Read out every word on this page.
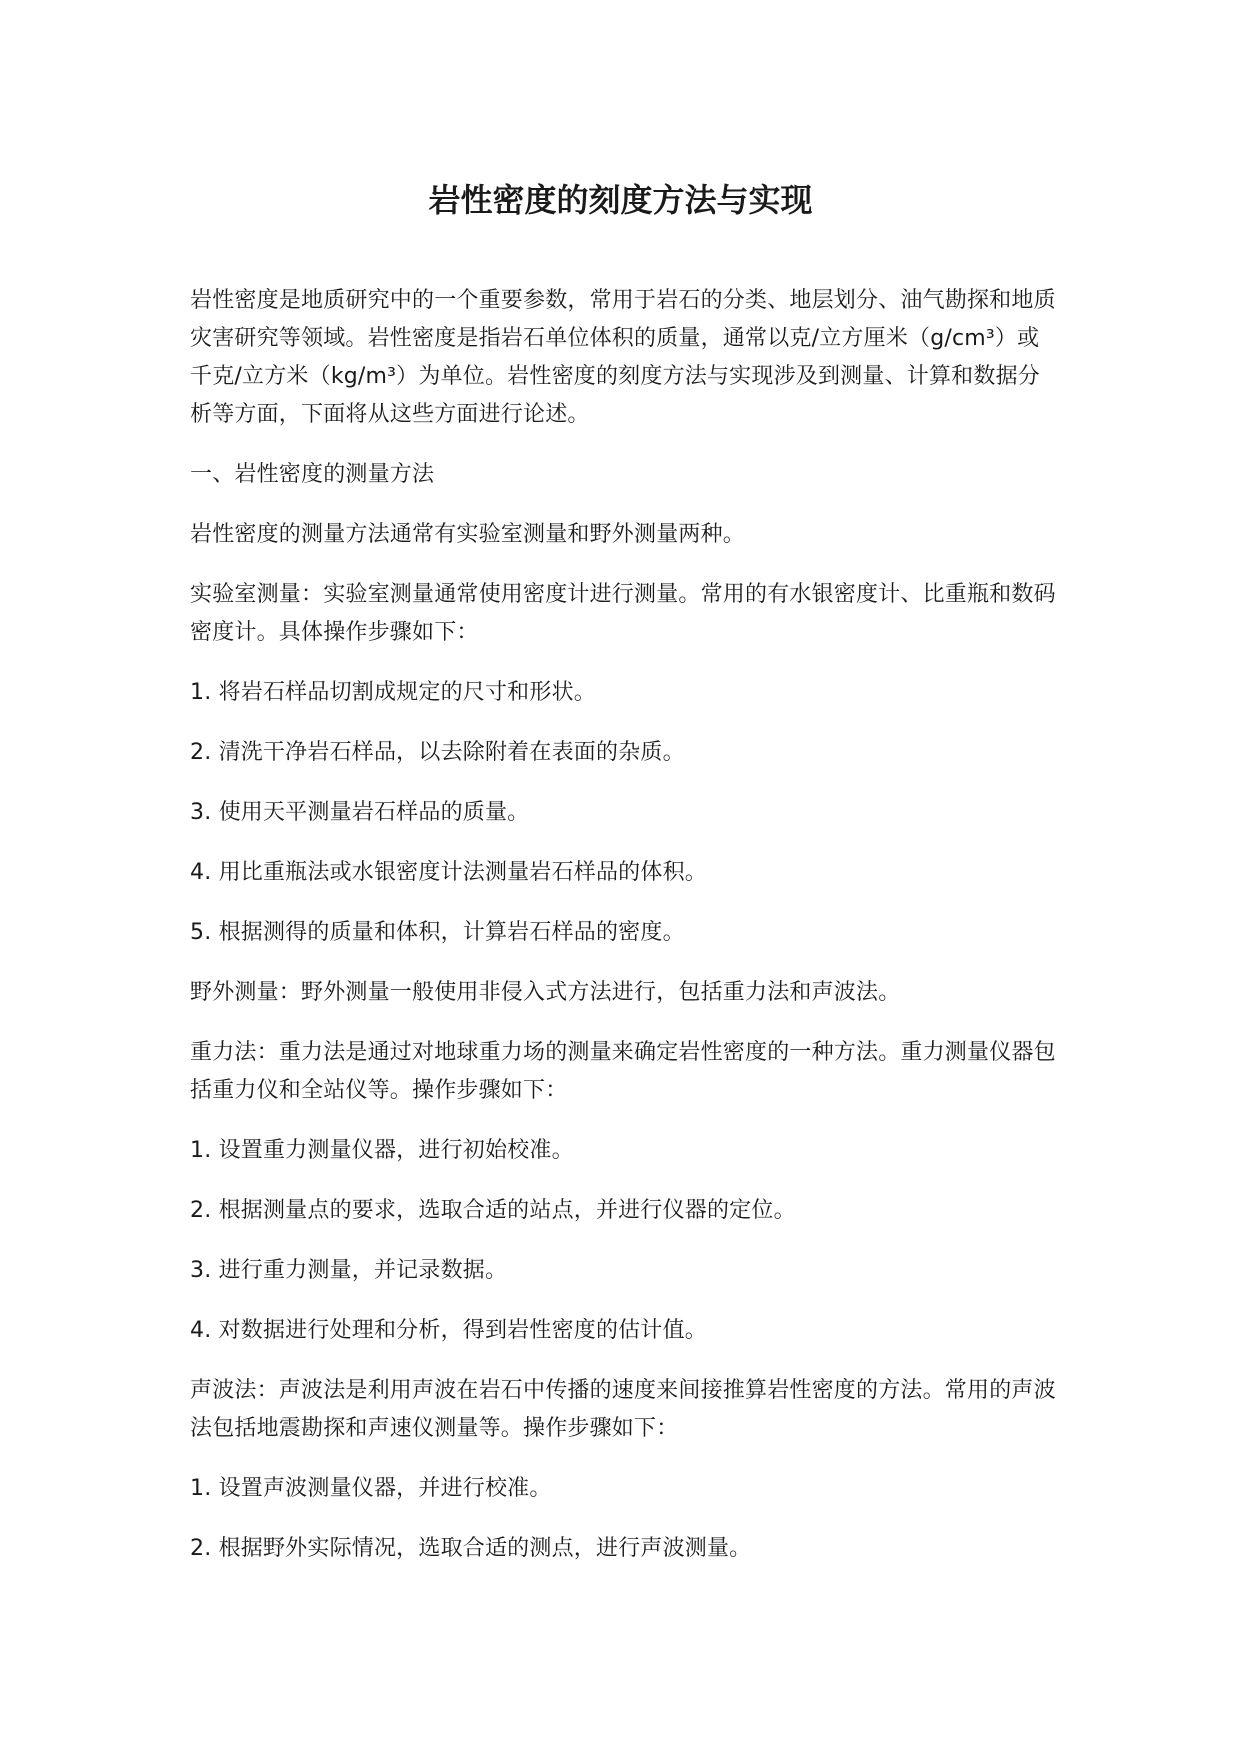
岩性密度的刻度方法与实现

岩性密度是地质研究中的一个重要参数，常用于岩石的分类、地层划分、油气勘探和地质灾害研究等领域。岩性密度是指岩石单位体积的质量，通常以克/立方厘米（g/cm³）或千克/立方米（kg/m³）为单位。岩性密度的刻度方法与实现涉及到测量、计算和数据分析等方面，下面将从这些方面进行论述。

一、岩性密度的测量方法

岩性密度的测量方法通常有实验室测量和野外测量两种。

实验室测量：实验室测量通常使用密度计进行测量。常用的有水银密度计、比重瓶和数码密度计。具体操作步骤如下：

1. 将岩石样品切割成规定的尺寸和形状。

2. 清洗干净岩石样品，以去除附着在表面的杂质。

3. 使用天平测量岩石样品的质量。

4. 用比重瓶法或水银密度计法测量岩石样品的体积。

5. 根据测得的质量和体积，计算岩石样品的密度。

野外测量：野外测量一般使用非侵入式方法进行，包括重力法和声波法。

重力法：重力法是通过对地球重力场的测量来确定岩性密度的一种方法。重力测量仪器包括重力仪和全站仪等。操作步骤如下：

1. 设置重力测量仪器，进行初始校准。

2. 根据测量点的要求，选取合适的站点，并进行仪器的定位。

3. 进行重力测量，并记录数据。

4. 对数据进行处理和分析，得到岩性密度的估计值。

声波法：声波法是利用声波在岩石中传播的速度来间接推算岩性密度的方法。常用的声波法包括地震勘探和声速仪测量等。操作步骤如下：

1. 设置声波测量仪器，并进行校准。

2. 根据野外实际情况，选取合适的测点，进行声波测量。
